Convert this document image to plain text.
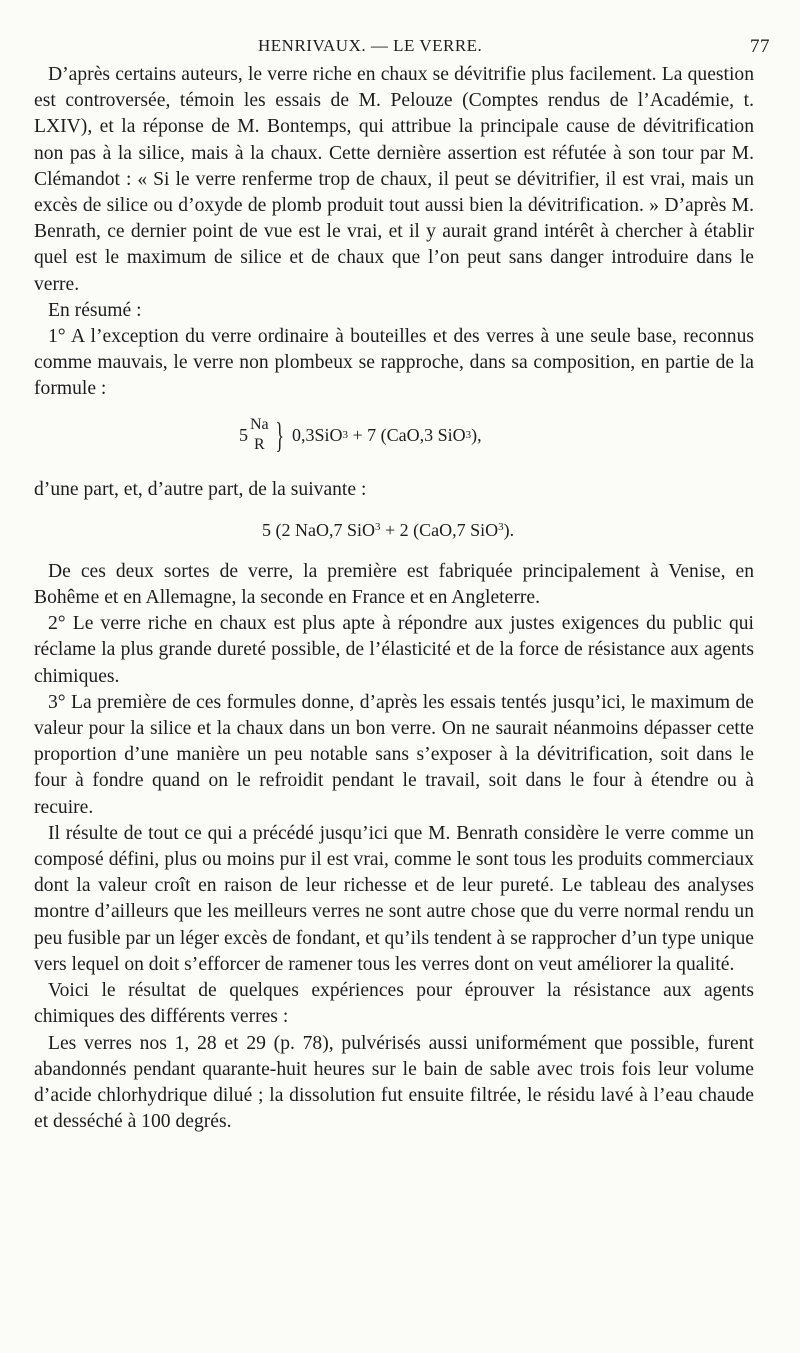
HENRIVAUX. — LE VERRE.	77

D’après certains auteurs, le verre riche en chaux se dévitrifie plus facilement. La question est controversée, témoin les essais de M. Pelouze (Comptes rendus de l’Académie, t. LXIV), et la réponse de M. Bontemps, qui attribue la principale cause de dévitrification non pas à la silice, mais à la chaux. Cette dernière assertion est réfutée à son tour par M. Clémandot : « Si le verre renferme trop de chaux, il peut se dévitrifier, il est vrai, mais un excès de silice ou d’oxyde de plomb produit tout aussi bien la dévitrification. » D’après M. Benrath, ce dernier point de vue est le vrai, et il y aurait grand intérêt à chercher à établir quel est le maximum de silice et de chaux que l’on peut sans danger introduire dans le verre.

En résumé :

1° A l’exception du verre ordinaire à bouteilles et des verres à une seule base, reconnus comme mauvais, le verre non plombeux se rapproche, dans sa composition, en partie de la formule :

5
Na
R } 0,3SiO 3 + 7 (CaO,3 SiO 3 ),

d’une part, et, d’autre part, de la suivante :

5 (2 NaO,7 SiO$^3$ + 2 (CaO,7 SiO$^3$).

De ces deux sortes de verre, la première est fabriquée principalement à Venise, en Bohême et en Allemagne, la seconde en France et en Angleterre.

2° Le verre riche en chaux est plus apte à répondre aux justes exigences du public qui réclame la plus grande dureté possible, de l’élasticité et de la force de résistance aux agents chimiques.

3° La première de ces formules donne, d’après les essais tentés jusqu’ici, le maximum de valeur pour la silice et la chaux dans un bon verre. On ne saurait néanmoins dépasser cette proportion d’une manière un peu notable sans s’exposer à la dévitrification, soit dans le four à fondre quand on le refroidit pendant le travail, soit dans le four à étendre ou à recuire.

Il résulte de tout ce qui a précédé jusqu’ici que M. Benrath considère le verre comme un composé défini, plus ou moins pur il est vrai, comme le sont tous les produits commerciaux dont la valeur croît en raison de leur richesse et de leur pureté. Le tableau des analyses montre d’ailleurs que les meilleurs verres ne sont autre chose que du verre normal rendu un peu fusible par un léger excès de fondant, et qu’ils tendent à se rapprocher d’un type unique vers lequel on doit s’efforcer de ramener tous les verres dont on veut améliorer la qualité.

Voici le résultat de quelques expériences pour éprouver la résistance aux agents chimiques des différents verres :

Les verres nos 1, 28 et 29 (p. 78), pulvérisés aussi uniformément que possible, furent abandonnés pendant quarante-huit heures sur le bain de sable avec trois fois leur volume d’acide chlorhydrique dilué ; la dissolution fut ensuite filtrée, le résidu lavé à l’eau chaude et desséché à 100 degrés.
